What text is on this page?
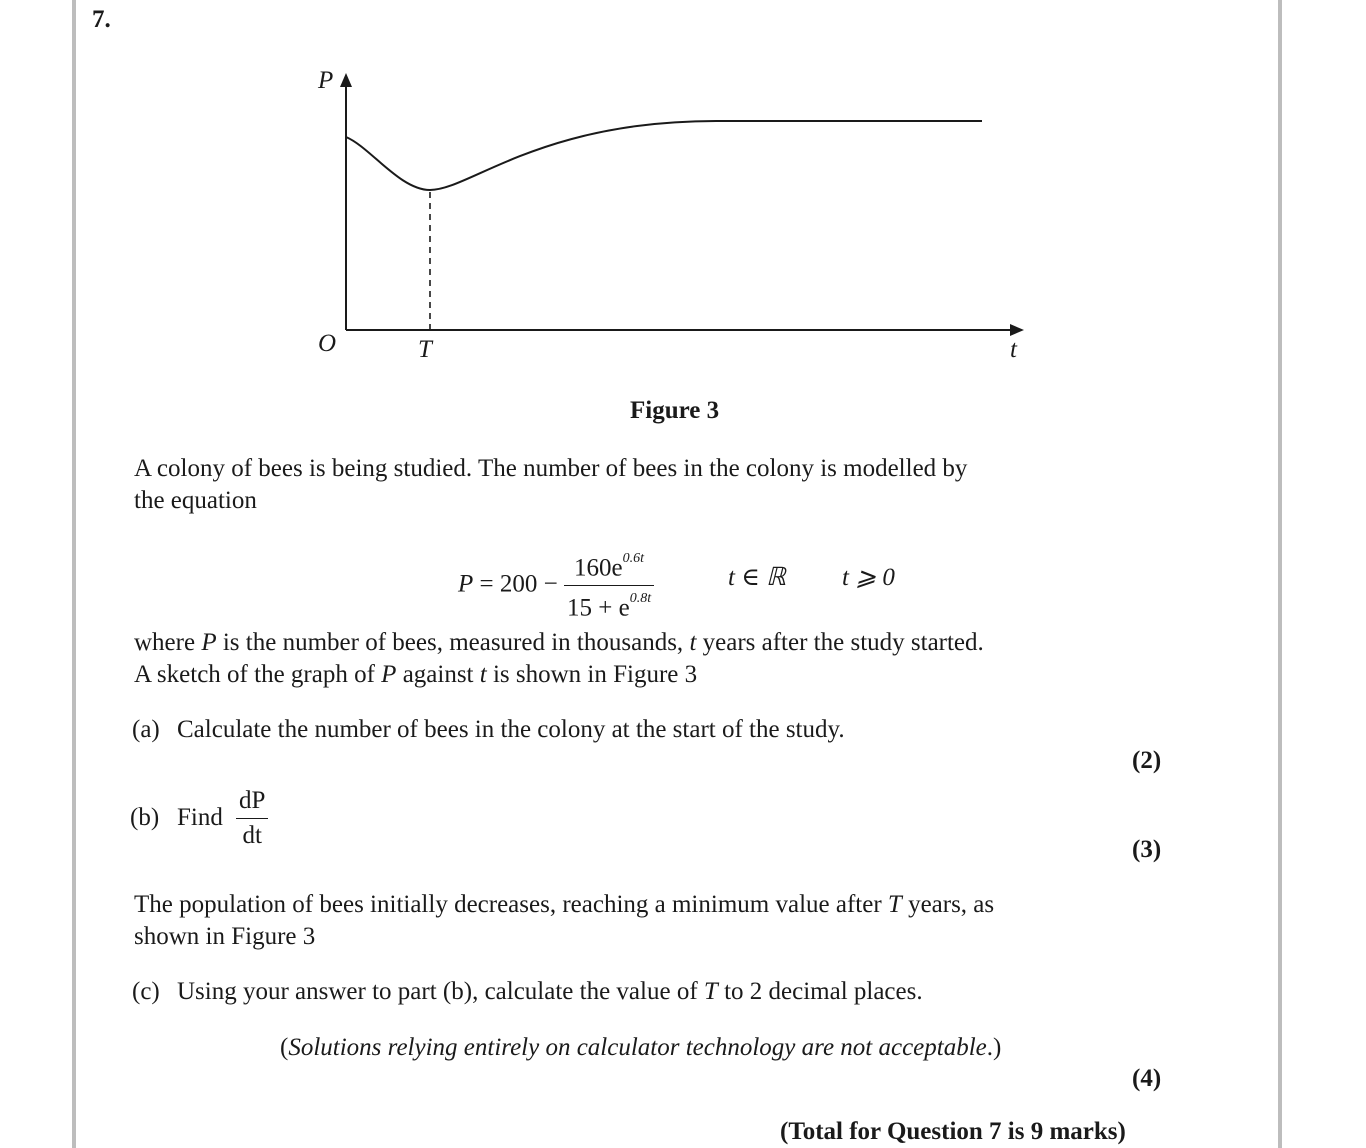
7.
P
O	T	t
Figure 3
A colony of bees is being studied. The number of bees in the colony is modelled by
the equation
$P = 200 - \frac{160e^{0.6t}}{15 + e^{0.8t}}$	t ∈ ℝ t ⩾ 0
where P is the number of bees, measured in thousands, t years after the study started.
A sketch of the graph of P against t is shown in Figure 3
(a) Calculate the number of bees in the colony at the start of the study.
(2)
(b) Find $\frac{dP}{dt}$	(3)
The population of bees initially decreases, reaching a minimum value after T years, as
shown in Figure 3
(c) Using your answer to part (b), calculate the value of T to 2 decimal places.
(Solutions relying entirely on calculator technology are not acceptable.)
(4)
(Total for Question 7 is 9 marks)
